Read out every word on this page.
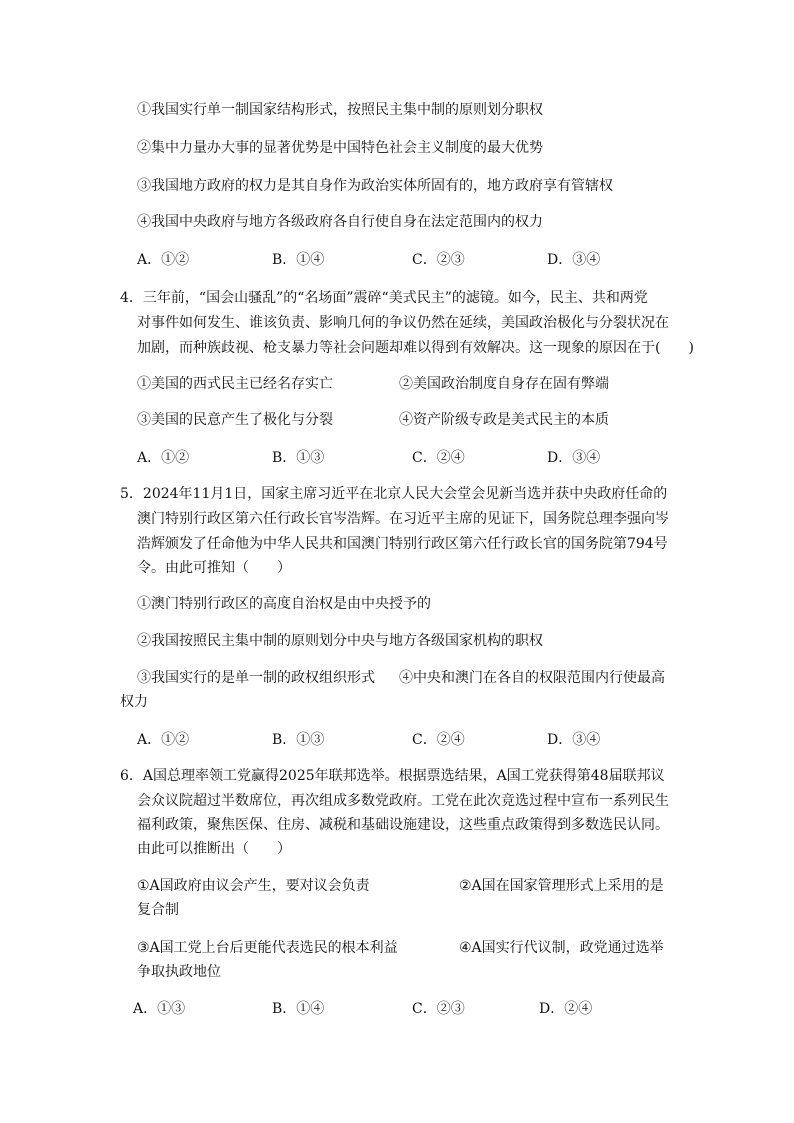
①我国实行单一制国家结构形式，按照民主集中制的原则划分职权
②集中力量办大事的显著优势是中国特色社会主义制度的最大优势
③我国地方政府的权力是其自身作为政治实体所固有的，地方政府享有管辖权
④我国中央政府与地方各级政府各自行使自身在法定范围内的权力
A．①②	B．①④	C．②③	D．③④
4．三年前，“国会山骚乱”的“名场面”震碎“美式民主”的滤镜。如今，民主、共和两党
对事件如何发生、谁该负责、影响几何的争议仍然在延续，美国政治极化与分裂状况在
加剧，而种族歧视、枪支暴力等社会问题却难以得到有效解决。这一现象的原因在于(　　)
①美国的西式民主已经名存实亡	②美国政治制度自身存在固有弊端
③美国的民意产生了极化与分裂	④资产阶级专政是美式民主的本质
A．①②	B．①③	C．②④	D．③④
5．2024年11月1日，国家主席习近平在北京人民大会堂会见新当选并获中央政府任命的
澳门特别行政区第六任行政长官岑浩辉。在习近平主席的见证下，国务院总理李强向岑
浩辉颁发了任命他为中华人民共和国澳门特别行政区第六任行政长官的国务院第794号
令。由此可推知（　　）
①澳门特别行政区的高度自治权是由中央授予的
②我国按照民主集中制的原则划分中央与地方各级国家机构的职权
③我国实行的是单一制的政权组织形式 ④中央和澳门在各自的权限范围内行使最高
权力
A．①②	B．①③	C．②④	D．③④
6．A国总理率领工党赢得2025年联邦选举。根据票选结果，A国工党获得第48届联邦议
会众议院超过半数席位，再次组成多数党政府。工党在此次竞选过程中宣布一系列民生
福利政策，聚焦医保、住房、减税和基础设施建设，这些重点政策得到多数选民认同。
由此可以推断出（　　）
①A国政府由议会产生，要对议会负责	②A国在国家管理形式上采用的是
复合制
③A国工党上台后更能代表选民的根本利益	④A国实行代议制，政党通过选举
争取执政地位
A．①③	B．①④	C．②③	D．②④
